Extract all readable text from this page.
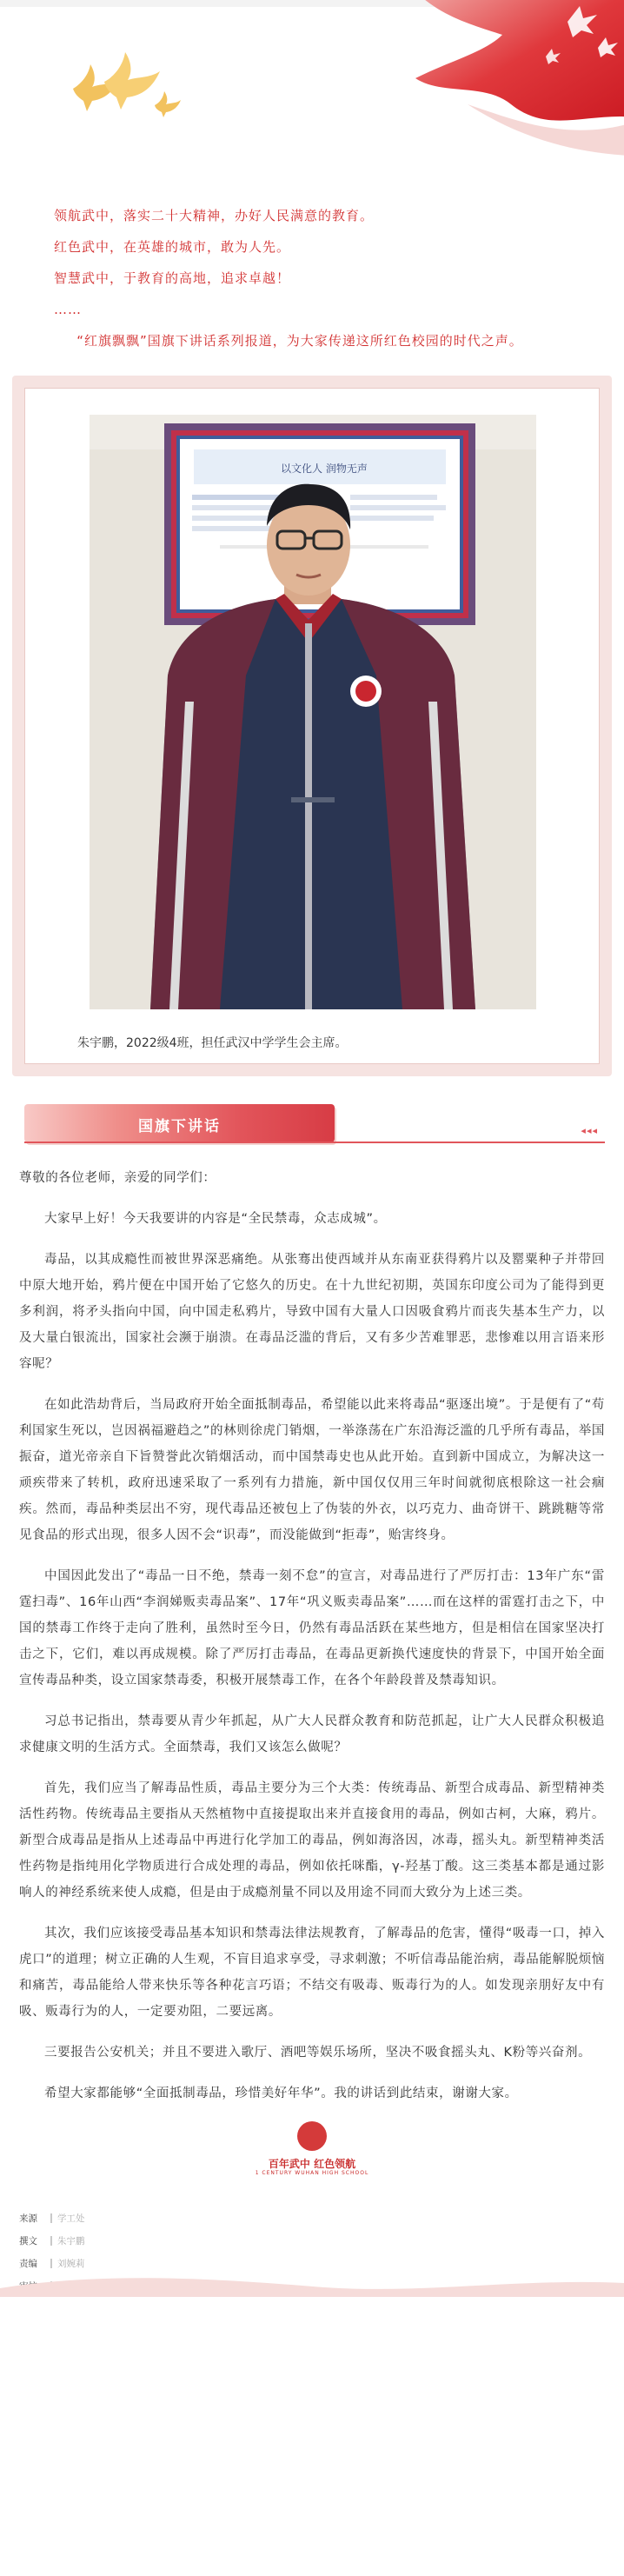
领航武中，落实二十大精神，办好人民满意的教育。

红色武中，在英雄的城市，敢为人先。

智慧武中，于教育的高地，追求卓越！

……

“红旗飘飘”国旗下讲话系列报道，为大家传递这所红色校园的时代之声。

以文化人 润物无声
朱宇鹏，2022级4班，担任武汉中学学生会主席。
国旗下讲话	◂◂◂

尊敬的各位老师，亲爱的同学们：

大家早上好！今天我要讲的内容是“全民禁毒，众志成城”。

毒品，以其成瘾性而被世界深恶痛绝。从张骞出使西域并从东南亚获得鸦片以及罂粟种子并带回中原大地开始，鸦片便在中国开始了它悠久的历史。在十九世纪初期，英国东印度公司为了能得到更多利润，将矛头指向中国，向中国走私鸦片，导致中国有大量人口因吸食鸦片而丧失基本生产力，以及大量白银流出，国家社会濒于崩溃。在毒品泛滥的背后，又有多少苦难罪恶，悲惨难以用言语来形容呢？

在如此浩劫背后，当局政府开始全面抵制毒品，希望能以此来将毒品“驱逐出境”。于是便有了“苟利国家生死以，岂因祸福避趋之”的林则徐虎门销烟，一举涤荡在广东沿海泛滥的几乎所有毒品，举国振奋，道光帝亲自下旨赞誉此次销烟活动，而中国禁毒史也从此开始。直到新中国成立，为解决这一顽疾带来了转机，政府迅速采取了一系列有力措施，新中国仅仅用三年时间就彻底根除这一社会痼疾。然而，毒品种类层出不穷，现代毒品还被包上了伪装的外衣，以巧克力、曲奇饼干、跳跳糖等常见食品的形式出现，很多人因不会“识毒”，而没能做到“拒毒”，贻害终身。

中国因此发出了“毒品一日不绝，禁毒一刻不怠”的宣言，对毒品进行了严厉打击：13年广东“雷霆扫毒”、16年山西“李润娣贩卖毒品案”、17年“巩义贩卖毒品案”……而在这样的雷霆打击之下，中国的禁毒工作终于走向了胜利，虽然时至今日，仍然有毒品活跃在某些地方，但是相信在国家坚决打击之下，它们，难以再成规模。除了严厉打击毒品，在毒品更新换代速度快的背景下，中国开始全面宣传毒品种类，设立国家禁毒委，积极开展禁毒工作，在各个年龄段普及禁毒知识。

习总书记指出，禁毒要从青少年抓起，从广大人民群众教育和防范抓起，让广大人民群众积极追求健康文明的生活方式。全面禁毒，我们又该怎么做呢？

首先，我们应当了解毒品性质，毒品主要分为三个大类：传统毒品、新型合成毒品、新型精神类活性药物。传统毒品主要指从天然植物中直接提取出来并直接食用的毒品，例如古柯，大麻，鸦片。新型合成毒品是指从上述毒品中再进行化学加工的毒品，例如海洛因，冰毒，摇头丸。新型精神类活性药物是指纯用化学物质进行合成处理的毒品，例如依托咪酯，γ-羟基丁酸。这三类基本都是通过影响人的神经系统来使人成瘾，但是由于成瘾剂量不同以及用途不同而大致分为上述三类。

其次，我们应该接受毒品基本知识和禁毒法律法规教育，了解毒品的危害，懂得“吸毒一口，掉入虎口”的道理；树立正确的人生观，不盲目追求享受，寻求刺激；不听信毒品能治病，毒品能解脱烦恼和痛苦，毒品能给人带来快乐等各种花言巧语；不结交有吸毒、贩毒行为的人。如发现亲朋好友中有吸、贩毒行为的人，一定要劝阻，二要远离。

三要报告公安机关；并且不要进入歌厅、酒吧等娱乐场所，坚决不吸食摇头丸、K粉等兴奋剂。

希望大家都能够“全面抵制毒品，珍惜美好年华”。我的讲话到此结束，谢谢大家。

百年武中 红色领航
1 CENTURY WUHAN HIGH SCHOOL
来源	学工处
撰文	朱宇鹏
责编	刘婉莉
